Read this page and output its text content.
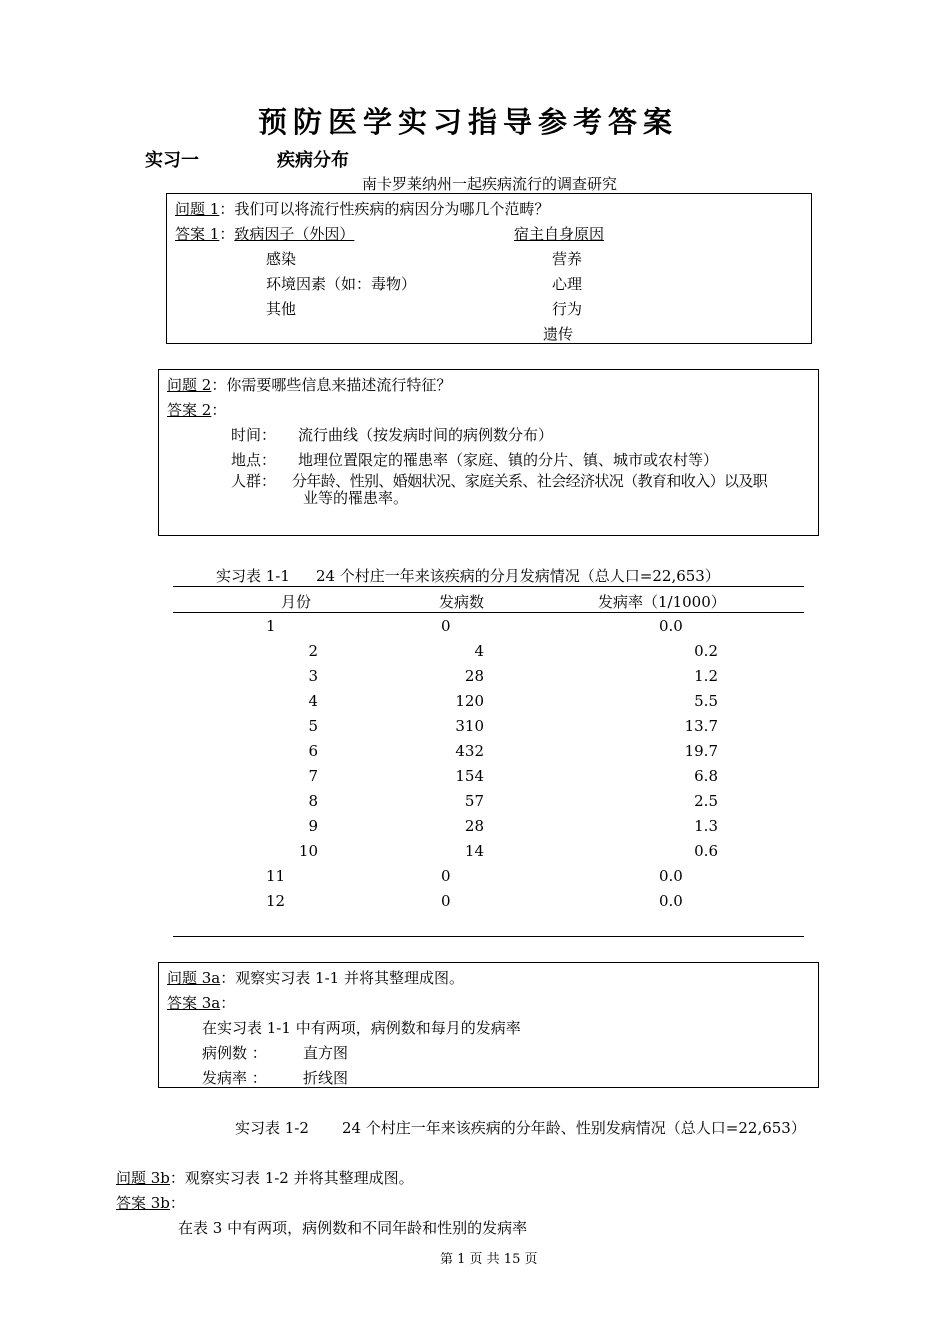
预防医学实习指导参考答案
实习一	疾病分布
南卡罗莱纳州一起疾病流行的调查研究
问题 1：我们可以将流行性疾病的病因分为哪几个范畴？
答案 1：致病因子（外因）	宿主自身原因
感染
环境因素（如：毒物）
其他
营养
心理
行为
遗传
问题 2：你需要哪些信息来描述流行特征？
答案 2：
时间： 流行曲线（按发病时间的病例数分布）
地点： 地理位置限定的罹患率（家庭、镇的分片、镇、城市或农村等）
人群： 分年龄、性别、婚姻状况、家庭关系、社会经济状况（教育和收入）以及职
业等的罹患率。
实习表 1-1 24 个村庄一年来该疾病的分月发病情况（总人口=22,653）
月份	发病数	发病率（1/1000）
1	0	0.0
2	4	0.2
3	28	1.2
4	120	5.5
5	310	13.7
6	432	19.7
7	154	6.8
8	57	2.5
9	28	1.3
10	14	0.6
11	0	0.0
12	0	0.0
问题 3a：观察实习表 1-1 并将其整理成图。
答案 3a：
在实习表 1-1 中有两项，病例数和每月的发病率
病例数 ： 直方图
发病率 ： 折线图
实习表 1-2 24 个村庄一年来该疾病的分年龄、性别发病情况（总人口=22,653）
问题 3b：观察实习表 1-2 并将其整理成图。
答案 3b：
在表 3 中有两项，病例数和不同年龄和性别的发病率
第 1 页 共 15 页
